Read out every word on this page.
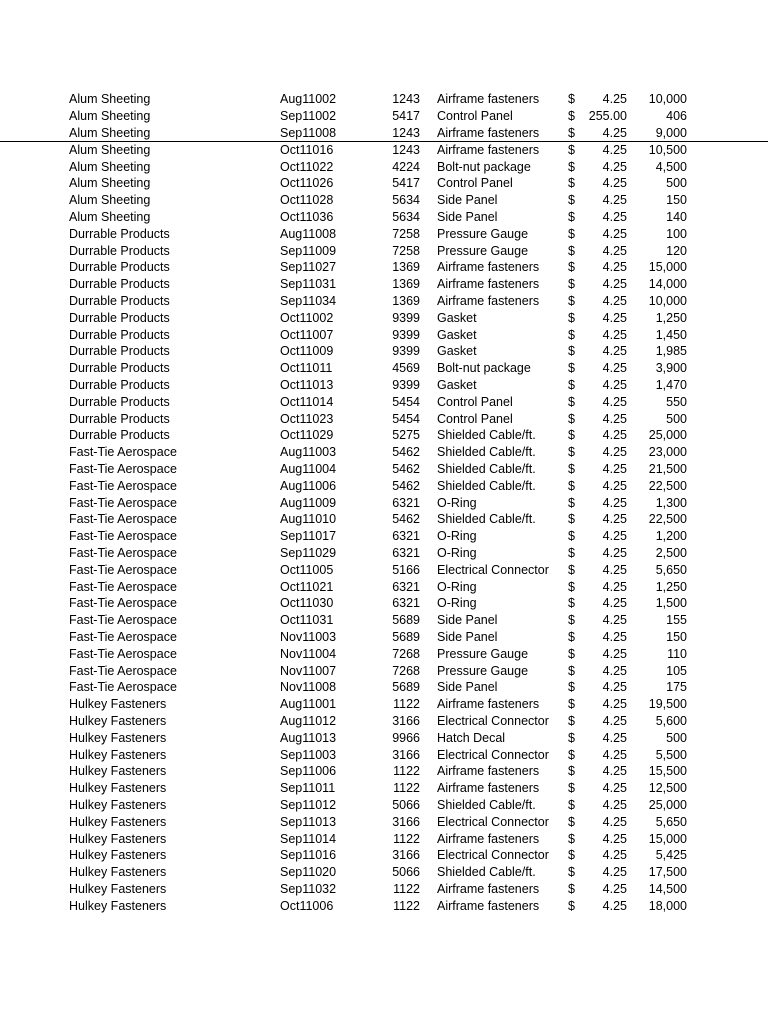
Alum Sheeting	Aug11002	1243 Airframe fasteners $	4.25	10,000
Alum Sheeting	Sep11002	5417 Control Panel	$	255.00	406
Alum Sheeting	Sep11008	1243 Airframe fasteners $	4.25	9,000
Alum Sheeting	Oct11016	1243 Airframe fasteners $	4.25	10,500
Alum Sheeting	Oct11022	4224 Bolt-nut package	$	4.25	4,500
Alum Sheeting	Oct11026	5417 Control Panel	$	4.25	500
Alum Sheeting	Oct11028	5634 Side Panel	$	4.25	150
Alum Sheeting	Oct11036	5634 Side Panel	$	4.25	140
Durrable Products	Aug11008	7258 Pressure Gauge	$	4.25	100
Durrable Products	Sep11009	7258 Pressure Gauge	$	4.25	120
Durrable Products	Sep11027	1369 Airframe fasteners $	4.25	15,000
Durrable Products	Sep11031	1369 Airframe fasteners $	4.25	14,000
Durrable Products	Sep11034	1369 Airframe fasteners $	4.25	10,000
Durrable Products	Oct11002	9399 Gasket	$	4.25	1,250
Durrable Products	Oct11007	9399 Gasket	$	4.25	1,450
Durrable Products	Oct11009	9399 Gasket	$	4.25	1,985
Durrable Products	Oct11011	4569 Bolt-nut package	$	4.25	3,900
Durrable Products	Oct11013	9399 Gasket	$	4.25	1,470
Durrable Products	Oct11014	5454 Control Panel	$	4.25	550
Durrable Products	Oct11023	5454 Control Panel	$	4.25	500
Durrable Products	Oct11029	5275 Shielded Cable/ft.	$	4.25	25,000
Fast-Tie Aerospace	Aug11003	5462 Shielded Cable/ft.	$	4.25	23,000
Fast-Tie Aerospace	Aug11004	5462 Shielded Cable/ft.	$	4.25	21,500
Fast-Tie Aerospace	Aug11006	5462 Shielded Cable/ft.	$	4.25	22,500
Fast-Tie Aerospace	Aug11009	6321 O-Ring	$	4.25	1,300
Fast-Tie Aerospace	Aug11010	5462 Shielded Cable/ft.	$	4.25	22,500
Fast-Tie Aerospace	Sep11017	6321 O-Ring	$	4.25	1,200
Fast-Tie Aerospace	Sep11029	6321 O-Ring	$	4.25	2,500
Fast-Tie Aerospace	Oct11005	5166 Electrical Connector $	4.25	5,650
Fast-Tie Aerospace	Oct11021	6321 O-Ring	$	4.25	1,250
Fast-Tie Aerospace	Oct11030	6321 O-Ring	$	4.25	1,500
Fast-Tie Aerospace	Oct11031	5689 Side Panel	$	4.25	155
Fast-Tie Aerospace	Nov11003	5689 Side Panel	$	4.25	150
Fast-Tie Aerospace	Nov11004	7268 Pressure Gauge	$	4.25	110
Fast-Tie Aerospace	Nov11007	7268 Pressure Gauge	$	4.25	105
Fast-Tie Aerospace	Nov11008	5689 Side Panel	$	4.25	175
Hulkey Fasteners	Aug11001	1122 Airframe fasteners $	4.25	19,500
Hulkey Fasteners	Aug11012	3166 Electrical Connector $	4.25	5,600
Hulkey Fasteners	Aug11013	9966 Hatch Decal	$	4.25	500
Hulkey Fasteners	Sep11003	3166 Electrical Connector $	4.25	5,500
Hulkey Fasteners	Sep11006	1122 Airframe fasteners $	4.25	15,500
Hulkey Fasteners	Sep11011	1122 Airframe fasteners $	4.25	12,500
Hulkey Fasteners	Sep11012	5066 Shielded Cable/ft.	$	4.25	25,000
Hulkey Fasteners	Sep11013	3166 Electrical Connector $	4.25	5,650
Hulkey Fasteners	Sep11014	1122 Airframe fasteners $	4.25	15,000
Hulkey Fasteners	Sep11016	3166 Electrical Connector $	4.25	5,425
Hulkey Fasteners	Sep11020	5066 Shielded Cable/ft.	$	4.25	17,500
Hulkey Fasteners	Sep11032	1122 Airframe fasteners $	4.25	14,500
Hulkey Fasteners	Oct11006	1122 Airframe fasteners $	4.25	18,000
